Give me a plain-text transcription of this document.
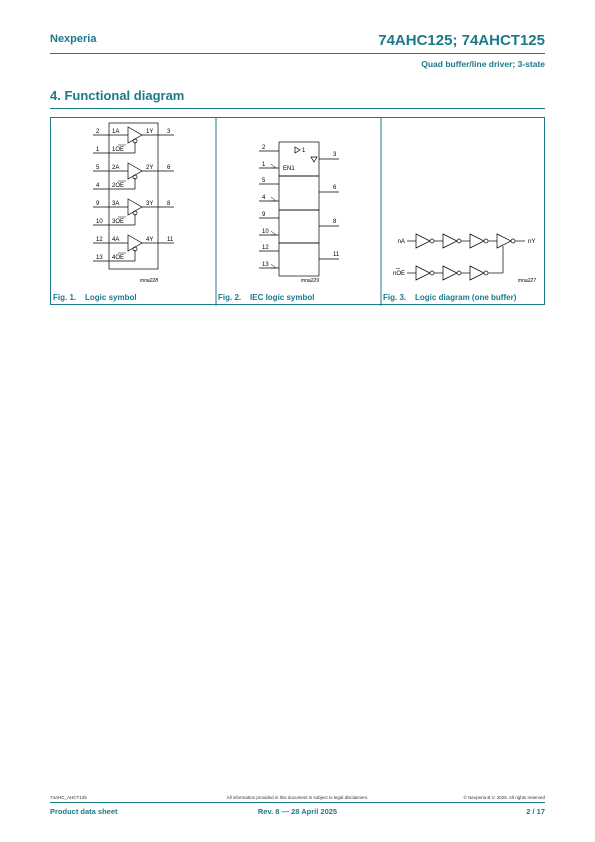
Nexperia	74AHC125; 74AHCT125
Quad buffer/line driver; 3-state
4. Functional diagram
2 1A	1Y 3
1 1OE
5 2A	2Y 6
4 2OE
9 3A	3Y 8
10 3OE
12 4A	4Y 11
13 4OE
mna228
1
EN1
2
1
5
4
9
10
12
13
3
6
8
11
mna229
nA	nY
nOE
mna227
Fig. 1. Logic symbol	Fig. 2. IEC logic symbol	Fig. 3. Logic diagram (one buffer)
74AHC_AHCT125	All information provided in this document is subject to legal disclaimers.	© Nexperia B.V. 2025. All rights reserved
Product data sheet	Rev. 8 — 28 April 2025	2 / 17
